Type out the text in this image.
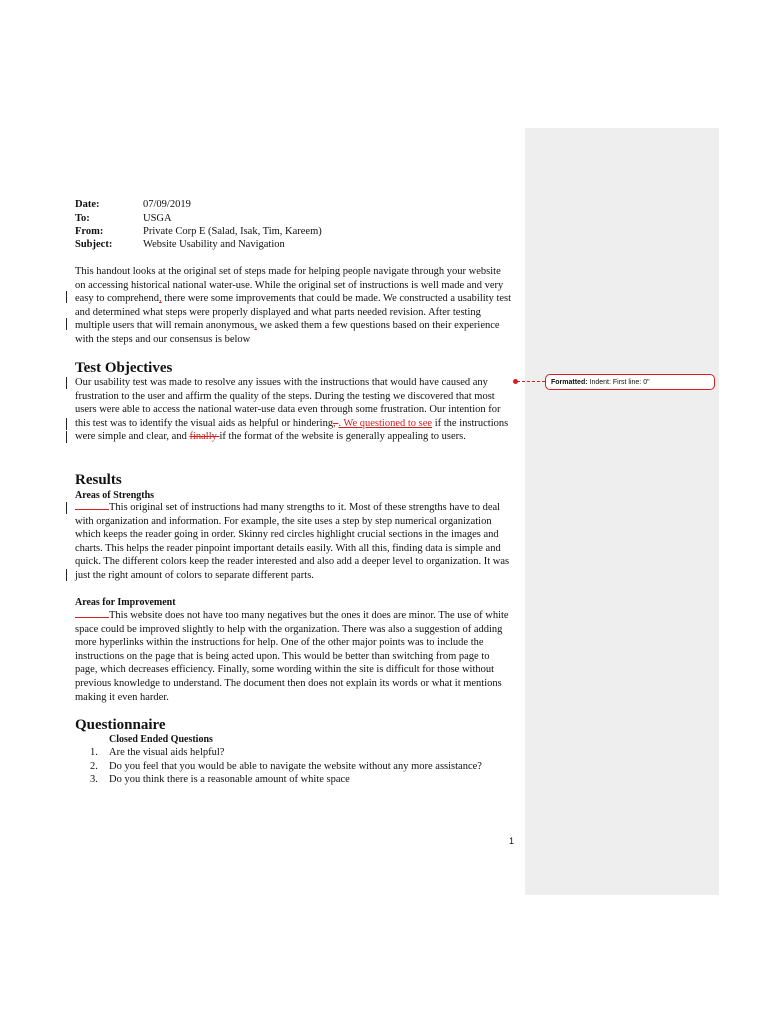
Date:	07/09/2019
To:	USGA
From:	Private Corp E (Salad, Isak, Tim, Kareem)
Subject:	Website Usability and Navigation

This handout looks at the original set of steps made for helping people navigate through your website on accessing historical national water-use. While the original set of instructions is well made and very easy to comprehend, there were some improvements that could be made. We constructed a usability test and determined what steps were properly displayed and what parts needed revision. After testing multiple users that will remain anonymous, we asked them a few questions based on their experience with the steps and our consensus is below

Test Objectives

Our usability test was made to resolve any issues with the instructions that would have caused any frustration to the user and affirm the quality of the steps. During the testing we discovered that most users were able to access the national water-use data even through some frustration. Our intention for this test was to identify the visual aids as helpful or hindering, . We questioned to see if the instructions were simple and clear, and finally if the format of the website is generally appealing to users.

Results
Areas of Strengths

This original set of instructions had many strengths to it. Most of these strengths have to deal with organization and information. For example, the site uses a step by step numerical organization which keeps the reader going in order. Skinny red circles highlight crucial sections in the images and charts. This helps the reader pinpoint important details easily. With all this, finding data is simple and quick. The different colors keep the reader interested and also add a deeper level to organization. It was just the right amount of colors to separate different parts.

Areas for Improvement

This website does not have too many negatives but the ones it does are minor. The use of white space could be improved slightly to help with the organization. There was also a suggestion of adding more hyperlinks within the instructions for help. One of the other major points was to include the instructions on the page that is being acted upon. This would be better than switching from page to page, which decreases efficiency. Finally, some wording within the site is difficult for those without previous knowledge to understand. The document then does not explain its words or what it mentions making it even harder.

Questionnaire
Closed Ended Questions
1. Are the visual aids helpful?
2. Do you feel that you would be able to navigate the website without any more assistance?
3. Do you think there is a reasonable amount of white space
Formatted: Indent: First line: 0"
1
